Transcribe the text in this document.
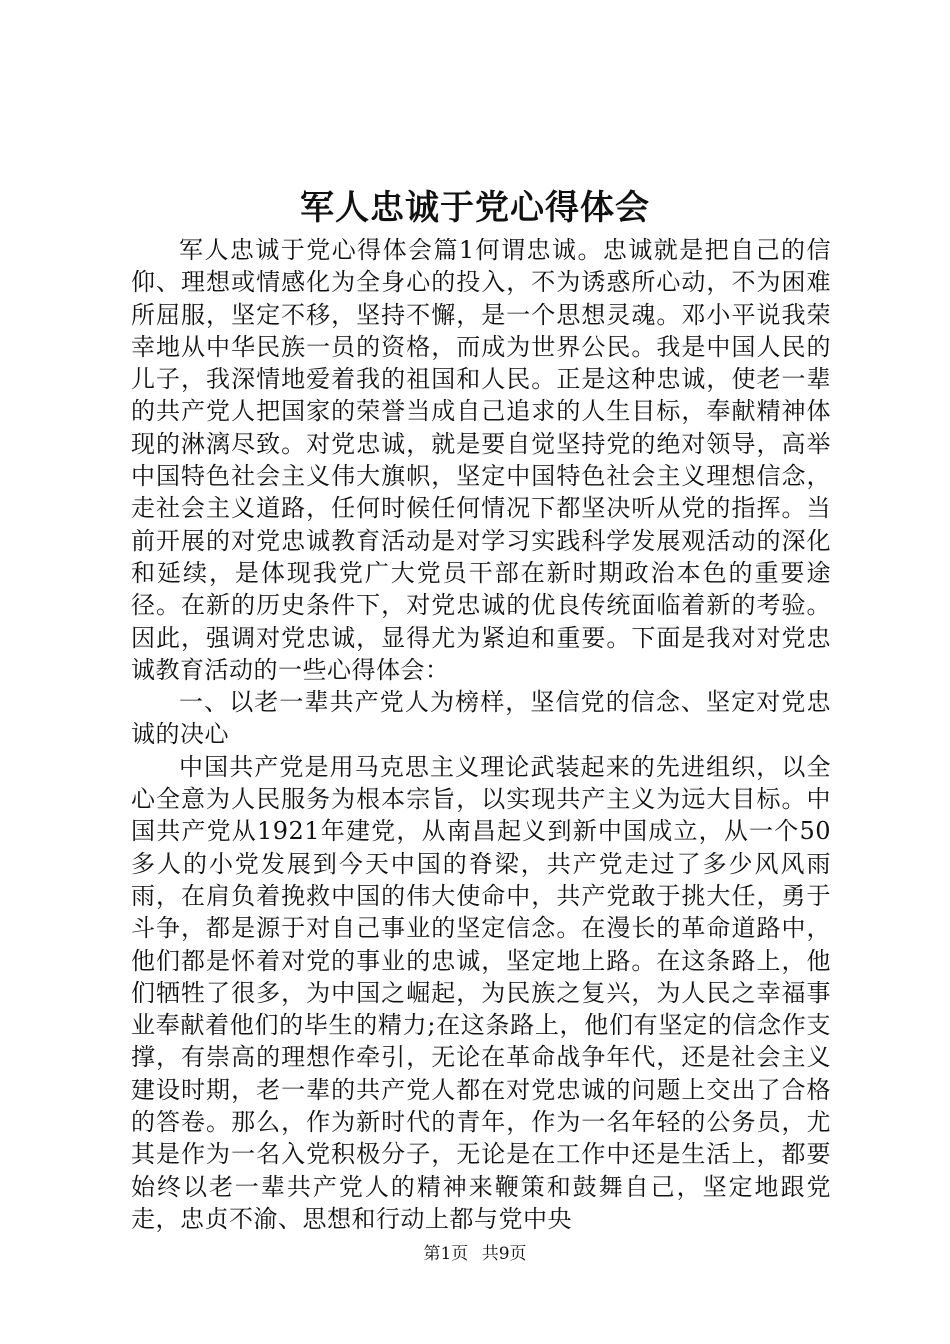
军人忠诚于党心得体会

军人忠诚于党心得体会篇1何谓忠诚。忠诚就是把自己的信仰、理想或情感化为全身心的投入，不为诱惑所心动，不为困难所屈服，坚定不移，坚持不懈，是一个思想灵魂。邓小平说我荣幸地从中华民族一员的资格，而成为世界公民。我是中国人民的儿子，我深情地爱着我的祖国和人民。正是这种忠诚，使老一辈的共产党人把国家的荣誉当成自己追求的人生目标，奉献精神体现的淋漓尽致。对党忠诚，就是要自觉坚持党的绝对领导，高举中国特色社会主义伟大旗帜，坚定中国特色社会主义理想信念，走社会主义道路，任何时候任何情况下都坚决听从党的指挥。当前开展的对党忠诚教育活动是对学习实践科学发展观活动的深化和延续，是体现我党广大党员干部在新时期政治本色的重要途径。在新的历史条件下，对党忠诚的优良传统面临着新的考验。因此，强调对党忠诚，显得尤为紧迫和重要。下面是我对对党忠诚教育活动的一些心得体会：

一、以老一辈共产党人为榜样，坚信党的信念、坚定对党忠诚的决心

中国共产党是用马克思主义理论武装起来的先进组织，以全心全意为人民服务为根本宗旨，以实现共产主义为远大目标。中国共产党从1921年建党，从南昌起义到新中国成立，从一个50多人的小党发展到今天中国的脊梁，共产党走过了多少风风雨雨，在肩负着挽救中国的伟大使命中，共产党敢于挑大任，勇于斗争，都是源于对自己事业的坚定信念。在漫长的革命道路中，他们都是怀着对党的事业的忠诚，坚定地上路。在这条路上，他们牺牲了很多，为中国之崛起，为民族之复兴，为人民之幸福事业奉献着他们的毕生的精力;在这条路上，他们有坚定的信念作支撑，有崇高的理想作牵引，无论在革命战争年代，还是社会主义建设时期，老一辈的共产党人都在对党忠诚的问题上交出了合格的答卷。那么，作为新时代的青年，作为一名年轻的公务员，尤其是作为一名入党积极分子，无论是在工作中还是生活上，都要始终以老一辈共产党人的精神来鞭策和鼓舞自己，坚定地跟党走，忠贞不渝、思想和行动上都与党中央

第1页 共9页
